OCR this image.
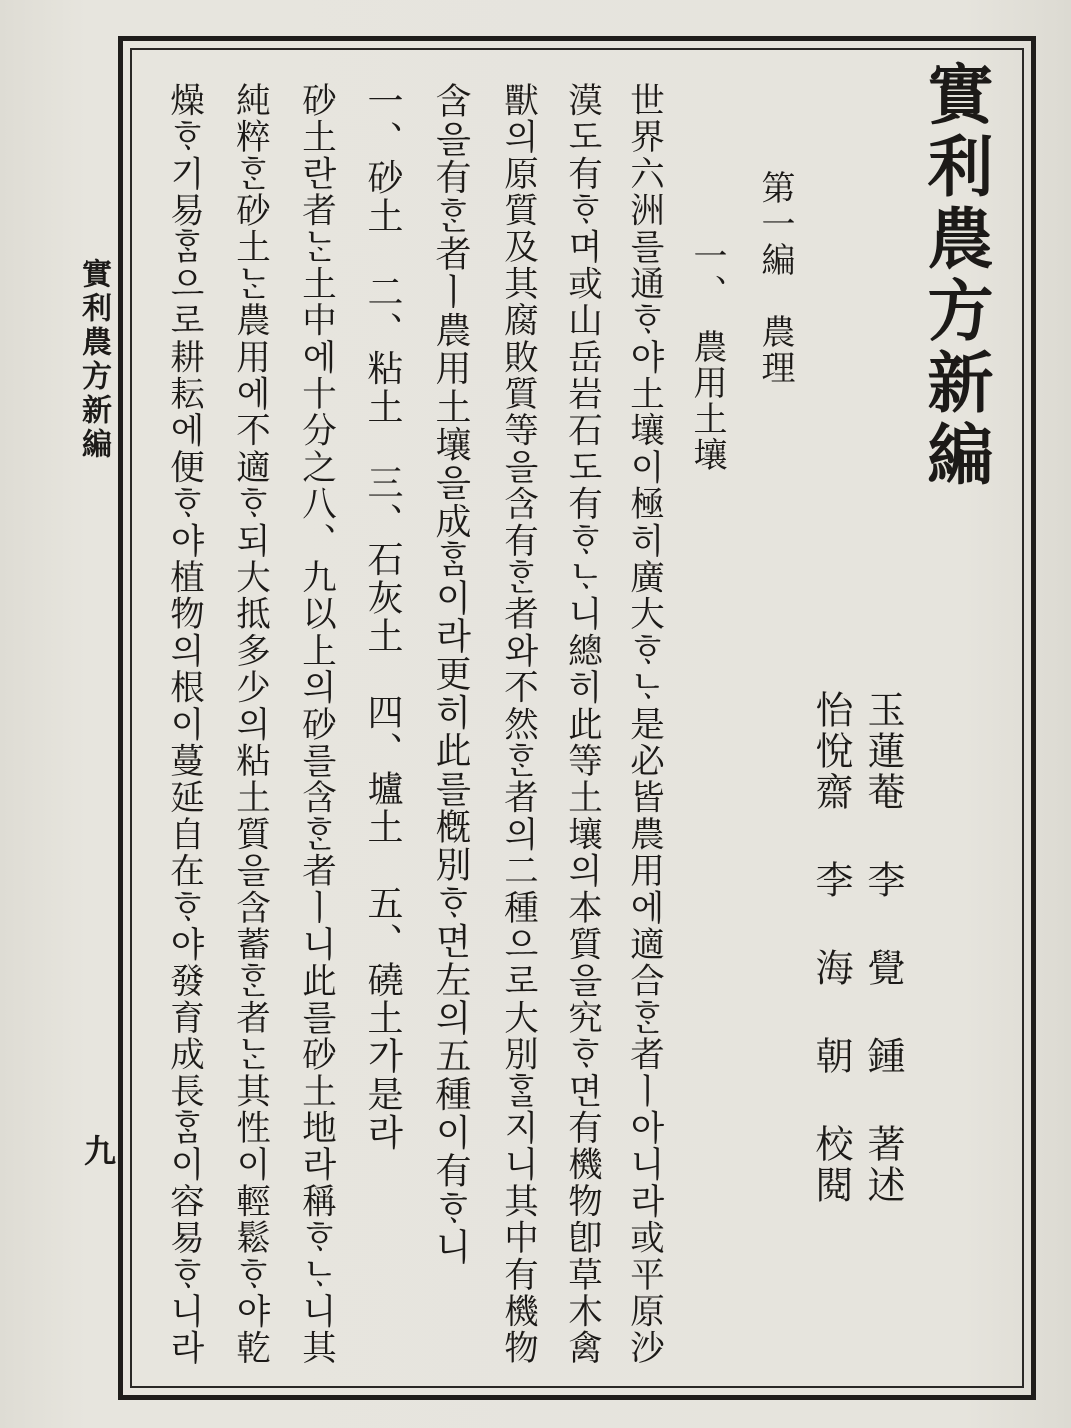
實利農方新編
玉蓮菴 李 覺 鍾 著述
怡悅齋 李 海 朝 校閱
第一編　農理
一、　農用土壤
世界六洲를通ᄒᆞ야土壤이極히廣大ᄒᆞᄂᆞ是必皆農用에適合ᄒᆞᆫ者ㅣ아니라或平原沙
漠도有ᄒᆞ며或山岳岩石도有ᄒᆞᄂᆞ니總히此等土壤의本質을究ᄒᆞ면有機物卽草木禽
獸의原質及其腐敗質等을含有ᄒᆞᆫ者와不然ᄒᆞᆫ者의二種으로大別ᄒᆞᆯ지니其中有機物
含을有ᄒᆞᆫ者ㅣ農用土壤을成ᄒᆞᆷ이라更히此를槪別ᄒᆞ면左의五種이有ᄒᆞ니
一、砂土　二、粘土　三、石灰土　四、壚土　五、磽土가是라
砂土란者ᄂᆞᆫ土中에十分之八、九以上의砂를含ᄒᆞᆫ者ㅣ니此를砂土地라稱ᄒᆞᄂᆞ니其
純粹ᄒᆞᆫ砂土ᄂᆞᆫ農用에不適ᄒᆞ되大抵多少의粘土質을含蓄ᄒᆞᆫ者ᄂᆞᆫ其性이輕鬆ᄒᆞ야乾
燥ᄒᆞ기易ᄒᆞᆷ으로耕耘에便ᄒᆞ야植物의根이蔓延自在ᄒᆞ야發育成長ᄒᆞᆷ이容易ᄒᆞ니라
實利農方新編
九
